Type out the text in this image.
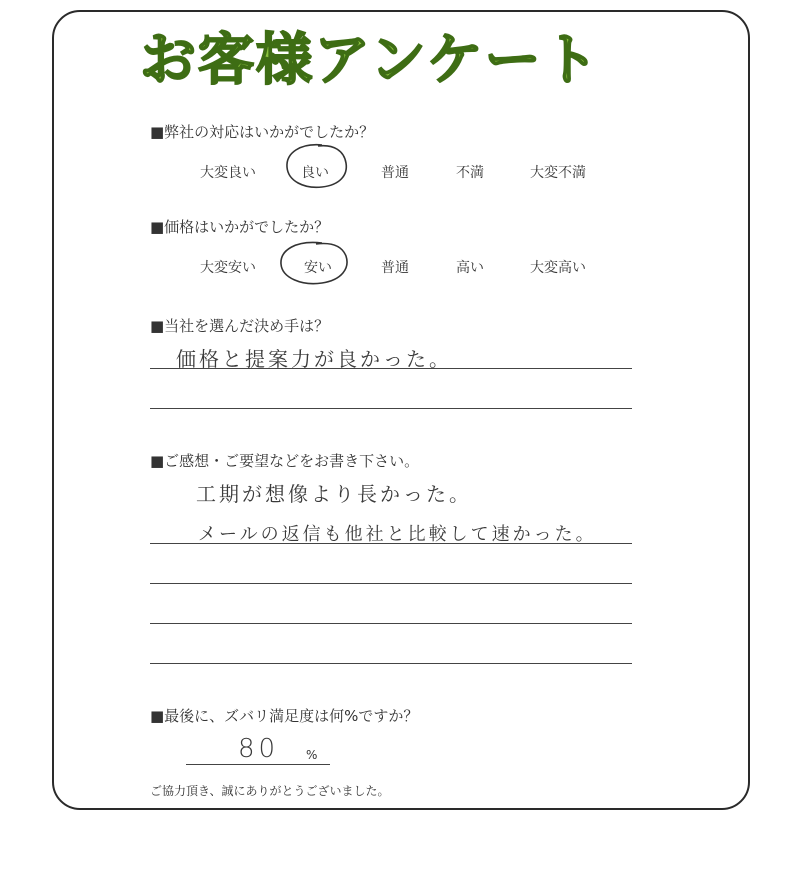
お客様アンケート
■弊社の対応はいかがでしたか？
大変良い	良い	普通	不満	大変不満
■価格はいかがでしたか？
大変安い	安い	普通	高い	大変高い
■当社を選んだ決め手は？
価格と提案力が良かった。
■ご感想・ご要望などをお書き下さい。
工期が想像より長かった。
メールの返信も他社と比較して速かった。
■最後に、ズバリ満足度は何%ですか？
80 %
ご協力頂き、誠にありがとうございました。
